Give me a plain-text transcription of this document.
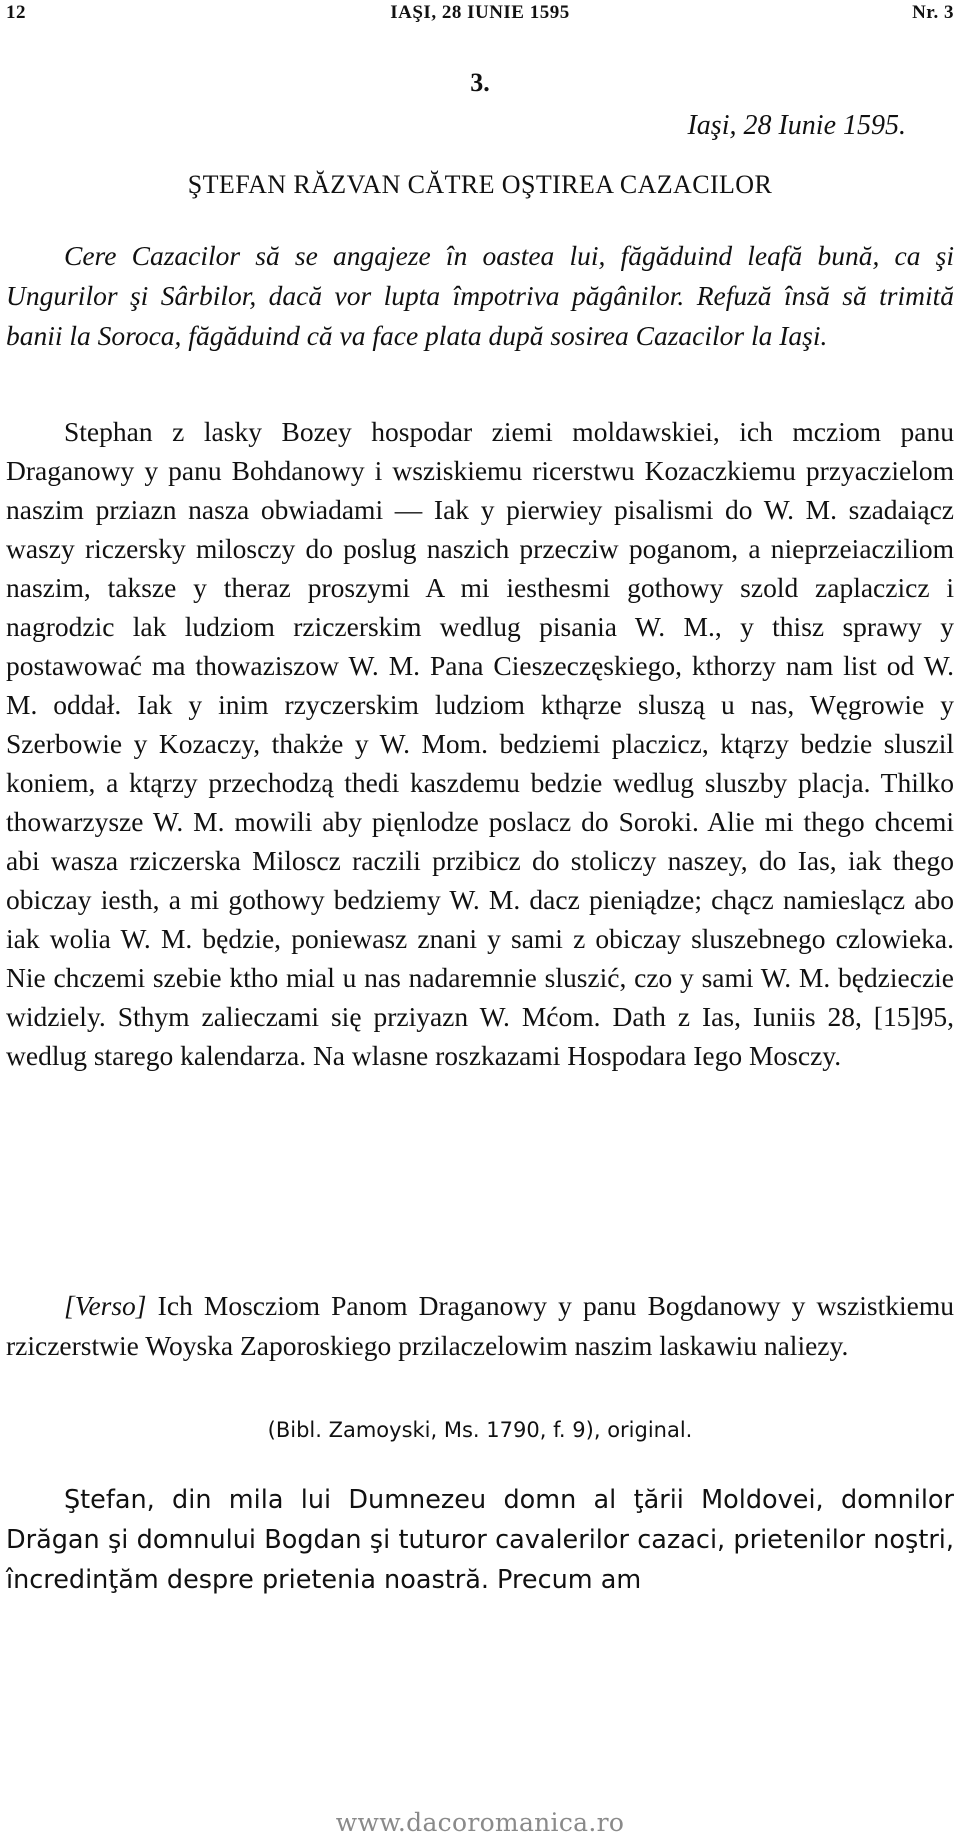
12	IAŞI, 28 IUNIE 1595	Nr. 3
3.
Iaşi, 28 Iunie 1595.
ŞTEFAN RĂZVAN CĂTRE OŞTIREA CAZACILOR

Cere Cazacilor să se angajeze în oastea lui, făgăduind leafă bună, ca şi Ungurilor şi Sârbilor, dacă vor lupta împotriva păgânilor. Refuză însă să trimită banii la Soroca, făgăduind că va face plata după sosirea Cazacilor la Iaşi.

Stephan z lasky Bozey hospodar ziemi moldawskiei, ich mcziom panu Draganowy y panu Bohdanowy i wsziskiemu ricerstwu Kozaczkiemu przyaczielom naszim przіazn nasza obwiadami — Iak y pierwiey pisalismi do W. M. szadaiącz waszy riczersky milosczy do poslug naszich przecziw poganom, a nieprzeiacziliom naszim, taksze y theraz proszymi A mi iesthesmi gothowy szold zaplaczicz i nagrodzic lak ludziom rziczerskim wedlug pisania W. M., y thisz sprawy y postawować ma thowaziszow W. M. Pana Cieszeczęskiego, kthorzy nam list od W. M. oddał. Iak y inim rzyczerskim ludziom kthąrze sluszą u nas, Węgrowie y Szerbowie y Kozaczy, thakże y W. Mom. bedziemi placzicz, ktąrzy bedzie sluszil koniem, a ktąrzy przechodzą thedi kaszdemu bedzie wedlug sluszby placja. Thilko thowarzysze W. M. mowili aby pięnlodze poslacz do Soroki. Alie mi thego chcemi abi wasza rziczerska Milosсz raczili przibicz do stoliczy naszey, do Ias, iak thego obiczay iesth, a mi gothowy bedzіemy W. M. dacz pieniądze; chącz namiesląсz abo iak wolia W. M. będzie, poniewasz znani y sami z obiczay sluszebnego czlowieka. Nie chczemi szebie ktho mial u nas nadaremnie sluszić, czo y sami W. M. będzieczie widziely. Sthym zalieczami się przіyazn W. Mćom. Dath z Ias, Iuniis 28, [15]95, wedlug starego kalendarza. Na wlasne roszkazami Hospodara Iego Mosczy.

[Verso] Ich Mosczіom Panom Draganowy y panu Bogdanowy y wszistkiemu rziczerstwie Woyska Zaporoskiego przilaczelowim naszim laskawiu naliezy.

(Bibl. Zamoyski, Ms. 1790, f. 9), original.

Ştefan, din mila lui Dumnezeu domn al ţării Moldovei, domnilor Drăgan şi domnului Bogdan şi tuturor cavalerilor cazaci, prietenilor noştri, încredinţăm despre prietenia noastră. Precum am

www.dacoromanica.ro
